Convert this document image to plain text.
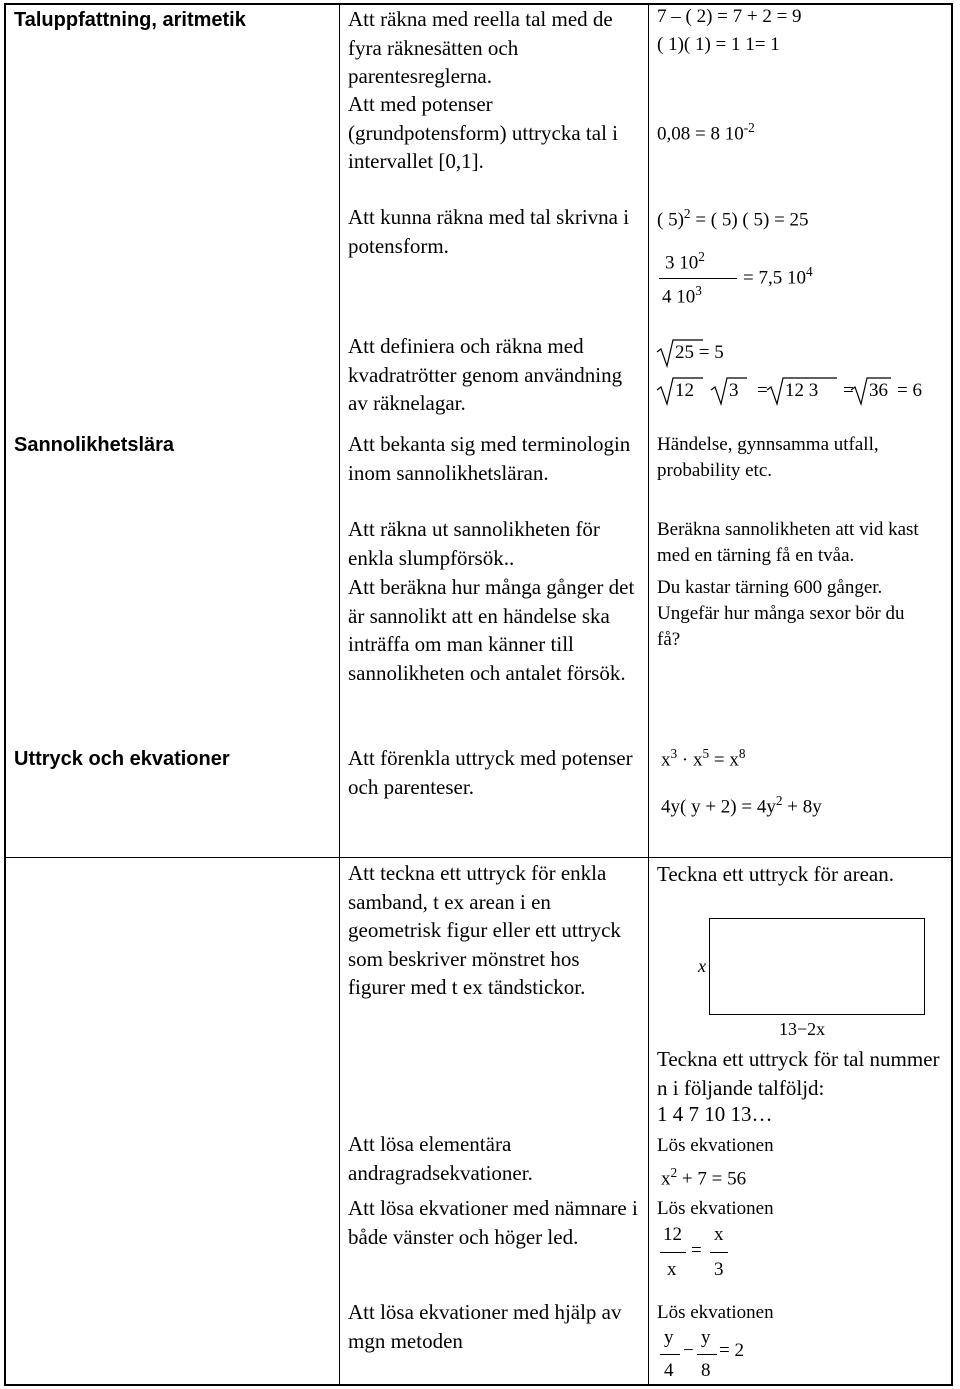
Taluppfattning, aritmetik
Sannolikhetslära
Uttryck och ekvationer
Att räkna med reella tal med de fyra räknesätten och parentesreglerna.
Att med potenser (grundpotensform) uttrycka tal i intervallet [0,1].
Att kunna räkna med tal skrivna i potensform.
Att definiera och räkna med kvadratrötter genom användning av räknelagar.
Att bekanta sig med terminologin inom sannolikhetsläran.
Att räkna ut sannolikheten för enkla slumpförsök..
Att beräkna hur många gånger det är sannolikt att en händelse ska inträffa om man känner till sannolikheten och antalet försök.
Att förenkla uttryck med potenser och parenteser.
Att teckna ett uttryck för enkla samband, t ex arean i en geometrisk figur eller ett uttryck som beskriver mönstret hos figurer med t ex tändstickor.
Att lösa elementära andragradsekvationer.
Att lösa ekvationer med nämnare i både vänster och höger led.
Att lösa ekvationer med hjälp av mgn metoden
7 – ( 2) = 7 + 2 = 9
( 1)( 1) = 1 1= 1
0,08 = 8 $10^{-2}$
( 5)$^2$ = ( 5) ( 5) = 25
3 $10^2$
4 $10^3$
= 7,5 $10^4$
25 = 5
12 3 = 12 3 = 36 = 6
Händelse, gynnsamma utfall, probability etc.
Beräkna sannolikheten att vid kast med en tärning få en tvåa.
Du kastar tärning 600 gånger. Ungefär hur många sexor bör du få?
$x^3 \cdot x^5 = x^8$
4y( $y + 2) = 4y^2 + 8y$
Teckna ett uttryck för arean.
x
13−2x
Teckna ett uttryck för tal nummer n i följande talföljd:
1 4 7 10 13…
Lös ekvationen
$x^2 + 7 = 56$
Lös ekvationen
12
x
=
x
3
Lös ekvationen
y
4
−
y
8
= 2
